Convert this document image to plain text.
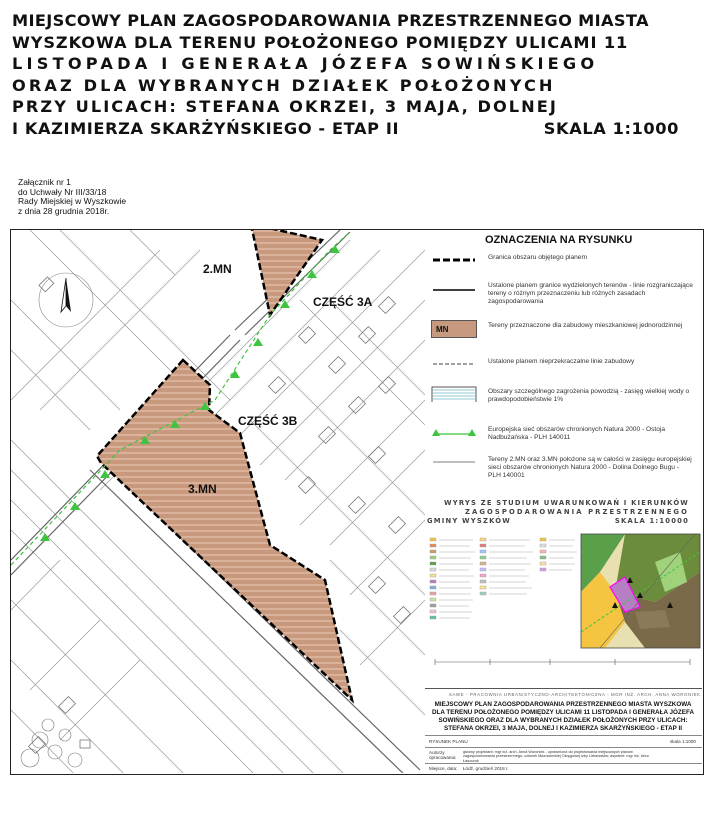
MIEJSCOWY PLAN ZAGOSPODAROWANIA PRZESTRZENNEGO MIASTA
WYSZKOWA DLA TERENU POŁOŻONEGO POMIĘDZY ULICAMI 11
LISTOPADA I GENERAŁA JÓZEFA SOWIŃSKIEGO
ORAZ DLA WYBRANYCH DZIAŁEK POŁOŻONYCH
PRZY ULICACH: STEFANA OKRZEI, 3 MAJA, DOLNEJ
I KAZIMIERZA SKARŻYŃSKIEGO - ETAP II	SKALA 1:1000
Załącznik nr 1
do Uchwały Nr III/33/18
Rady Miejskiej w Wyszkowie
z dnia 28 grudnia 2018r.
2.MN
CZĘŚĆ 3A
CZĘŚĆ 3B
3.MN
OZNACZENIA NA RYSUNKU
Granica obszaru objętego planem
Ustalone planem granice wydzielonych terenów - linie rozgraniczające tereny o różnym przeznaczeniu lub różnych zasadach zagospodarowania
MN	Tereny przeznaczone dla zabudowy mieszkaniowej jednorodzinnej
Ustalone planem nieprzekraczalne linie zabudowy
Obszary szczególnego zagrożenia powodzią - zasięg wielkiej wody o prawdopodobieństwie 1%
Europejska sieć obszarów chronionych Natura 2000 - Ostoja Nadbużańska - PLH 140011
Tereny 2.MN oraz 3.MN położone są w całości w zasięgu europejskiej sieci obszarów chronionych Natura 2000 - Dolina Dolnego Bugu - PLH 140001
WYRYS ZE STUDIUM UWARUNKOWAŃ I KIERUNKÓW
ZAGOSPODAROWANIA PRZESTRZENNEGO
GMINY WYSZKÓW	SKALA 1:10000
SAWE - PRACOWNIA URBANISTYCZNO-ARCHITEKTONICZNA - MGR INŻ. ARCH. ANNA WORONIEK
MIEJSCOWY PLAN ZAGOSPODAROWANIA PRZESTRZENNEGO MIASTA WYSZKOWA DLA TERENU POŁOŻONEGO POMIĘDZY ULICAMI 11 LISTOPADA I GENERAŁA JÓZEFA SOWIŃSKIEGO ORAZ DLA WYBRANYCH DZIAŁEK POŁOŻONYCH PRZY ULICACH: STEFANA OKRZEI, 3 MAJA, DOLNEJ I KAZIMIERZA SKARŻYŃSKIEGO - ETAP II
RYSUNEK PLANU	skala 1:1000
Autorzy opracowania:
główny projektant: mgr inż. arch. Anna Woroniek - uprawniona do projektowania miejscowych planów zagospodarowania przestrzennego, członek Mazowieckiej Okręgowej Izby Urbanistów; asystent: mgr inż. Artur Łaszczuk
Miejsce, data: Łódź, grudzień 2018 r.
